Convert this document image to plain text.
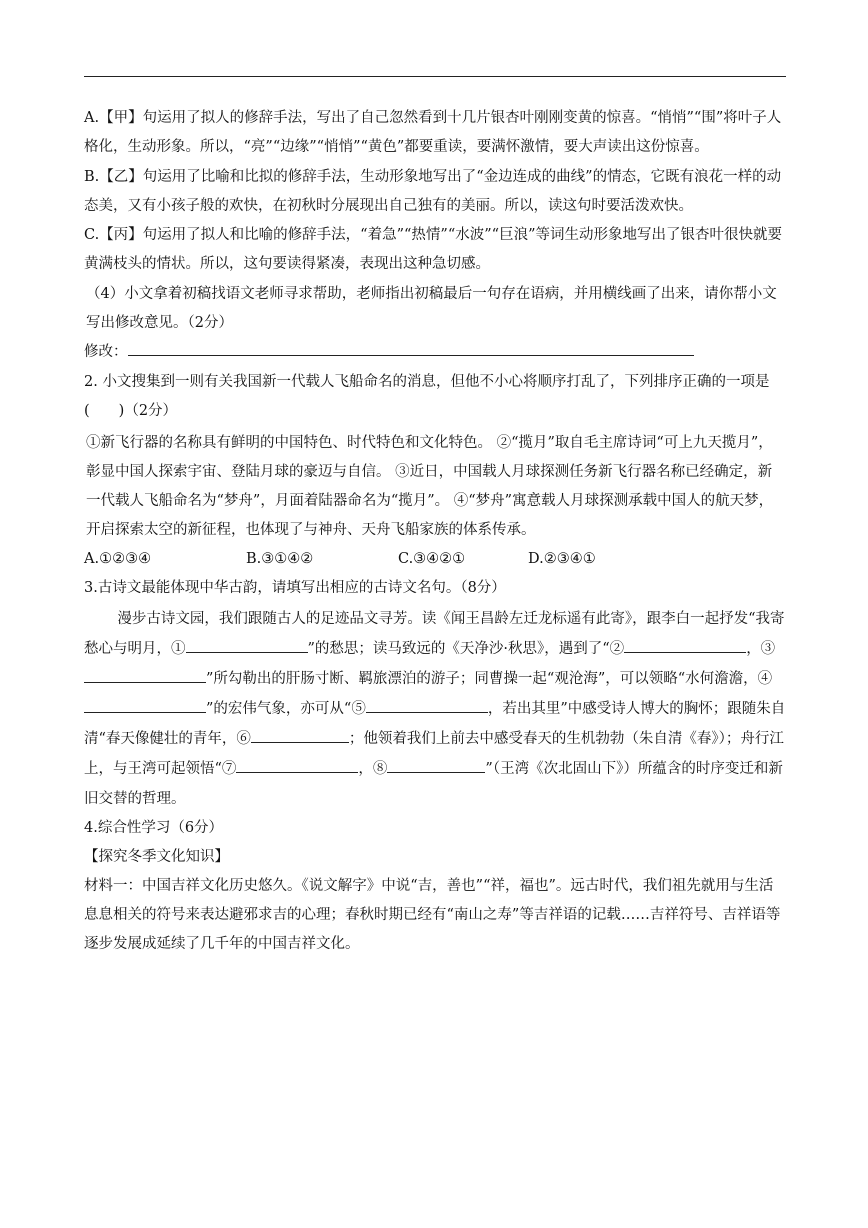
A.【甲】句运用了拟人的修辞手法，写出了自己忽然看到十几片银杏叶刚刚变黄的惊喜。“悄悄”“围”将叶子人格化，生动形象。所以，“亮”“边缘”“悄悄”“黄色”都要重读，要满怀激情，要大声读出这份惊喜。

B.【乙】句运用了比喻和比拟的修辞手法，生动形象地写出了“金边连成的曲线”的情态，它既有浪花一样的动态美，又有小孩子般的欢快，在初秋时分展现出自己独有的美丽。所以，读这句时要活泼欢快。

C.【丙】句运用了拟人和比喻的修辞手法，“着急”“热情”“水波”“巨浪”等词生动形象地写出了银杏叶很快就要黄满枝头的情状。所以，这句要读得紧凑，表现出这种急切感。

（4）小文拿着初稿找语文老师寻求帮助，老师指出初稿最后一句存在语病，并用横线画了出来，请你帮小文写出修改意见。（2分）

修改：

2. 小文搜集到一则有关我国新一代载人飞船命名的消息，但他不小心将顺序打乱了，下列排序正确的一项是(　　)（2分）

①新飞行器的名称具有鲜明的中国特色、时代特色和文化特色。 ②“揽月”取自毛主席诗词“可上九天揽月”，彰显中国人探索宇宙、登陆月球的豪迈与自信。 ③近日，中国载人月球探测任务新飞行器名称已经确定，新一代载人飞船命名为“梦舟”，月面着陆器命名为“揽月”。 ④“梦舟”寓意载人月球探测承载中国人的航天梦，开启探索太空的新征程，也体现了与神舟、天舟飞船家族的体系传承。

A.①②③④	B.③①④②	C.③④②①	D.②③④①

3.古诗文最能体现中华古韵，请填写出相应的古诗文名句。（8分）

漫步古诗文园，我们跟随古人的足迹品文寻芳。读《闻王昌龄左迁龙标遥有此寄》，跟李白一起抒发“我寄愁心与明月，①	”的愁思；读马致远的《天净沙·秋思》，遇到了“②	，③”所勾勒出的肝肠寸断、羁旅漂泊的游子；同曹操一起“观沧海”，可以领略“水何澹澹，④”的宏伟气象，亦可从“⑤	，若出其里”中感受诗人博大的胸怀；跟随朱自清“春天像健壮的青年，⑥	；他领着我们上前去中感受春天的生机勃勃（朱自清《春》）；舟行江上，与王湾可起领悟“⑦	，⑧	”（王湾《次北固山下》）所蕴含的时序变迁和新旧交替的哲理。

4.综合性学习（6分）

【探究冬季文化知识】

材料一：中国吉祥文化历史悠久。《说文解字》中说“吉，善也”“祥，福也”。远古时代，我们祖先就用与生活息息相关的符号来表达避邪求吉的心理；春秋时期已经有“南山之寿”等吉祥语的记载……吉祥符号、吉祥语等逐步发展成延续了几千年的中国吉祥文化。
